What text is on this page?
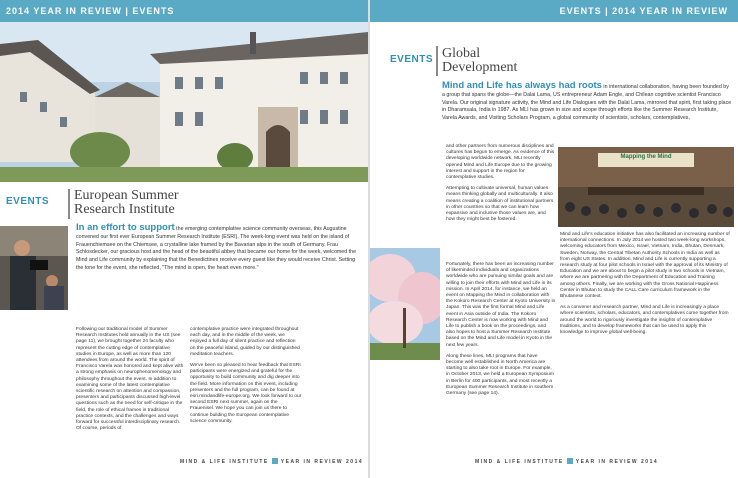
2014 YEAR IN REVIEW | EVENTS	EVENTS | 2014 YEAR IN REVIEW
EVENTS European Summer
Research Institute
In an effort to support the emerging contemplative science community overseas, this Augustine convened our first ever European Summer Research Institute (ESRI). The week-long event was held on the island of Frauenchiemsee on the Chiemsee, a crystalline lake framed by the Bavarian alps in the south of Germany. Frau Schlosdecker, our gracious host and the head of the beautiful abbey that became our home for the week, welcomed the Mind and Life community by explaining that the Benedictines receive every guest like they would receive Christ. Setting the tone for the event, she reflected, "The mind is open, the heart even more."

Following our traditional model of Summer Research Institutes held annually in the US (see page 11), we brought together 24 faculty who represent the cutting edge of contemplative studies in Europe, as well as more than 120 attendees from around the world. The spirit of Francisco Varela was honored and kept alive with a strong emphasis on neurophenomenology and philosophy throughout the event. In addition to examining some of the latest contemplative scientific research on attention and compassion, presenters and participants discussed high-level questions such as the need for self-critique in the field, the role of ethical frames in traditional practice contexts, and the challenges and ways forward for successful interdisciplinary research. Of course, periods of

contemplative practice were integrated throughout each day, and in the middle of the week, we enjoyed a full day of silent practice and reflection on the peaceful island, guided by our distinguished meditation teachers.

We've been so pleased to hear feedback that ESRI participants were energized and grateful for the opportunity to build community and dig deeper into the field. More information on this event, including presenters and the full program, can be found at esri.mindandlife-europe.org. We look forward to our second ESRI next summer, again on the Frauenisel. We hope you can join us there to continue building the European contemplative science community.

EVENTS Global
Development
Mind and Life has always had roots in international collaboration, having been founded by a group that spans the globe—the Dalai Lama, US entrepreneur Adam Engle, and Chilean cognitive scientist Francisco Varela. Our original signature activity, the Mind and Life Dialogues with the Dalai Lama, mirrored that spirit, first taking place in Dharamsala, India in 1987. As MLI has grown in size and scope through efforts like the Summer Research Institute, Varela Awards, and Visiting Scholars Program, a global community of scientists, scholars, contemplatives,
Mapping the Mind

and other partners from numerous disciplines and cultures has begun to emerge. As evidence of this developing worldwide network, MLI recently opened Mind and Life Europe due to the growing interest and support in the region for contemplative studies.

Attempting to cultivate universal, human values means thinking globally and multiculturally. It also means creating a coalition of institutional partners in other countries so that we can learn how expansive and inclusive those values are, and how they might best be fostered.

Fortunately, there has been an increasing number of likeminded individuals and organizations worldwide who are pursuing similar goals and are willing to join their efforts with Mind and Life in its mission. In April 2014, for instance, we held an event on Mapping the Mind in collaboration with the Kokoro Research Center at Kyoto University in Japan. This was the first formal Mind and Life event in Asia outside of India. The Kokoro Research Center is now working with Mind and Life to publish a book on the proceedings, and also hopes to host a Summer Research Institute based on the Mind and Life model in Kyoto in the next few years.

Along these lines, MLI programs that have become well established in North America are starting to also take root in Europe. For example, in October 2013, we held a European Symposium in Berlin for 400 participants, and most recently a European Summer Research Institute in southern Germany (see page 14).

Mind and Life's education initiative has also facilitated an increasing number of international connections. In July 2014 we hosted two week-long workshops, welcoming educators from Mexico, Israel, Vietnam, India, Bhutan, Denmark, Sweden, Norway, the Central Tibetan Authority Schools in India as well as from eight US States. In addition, Mind and Life is currently supporting a research study at four pilot schools in Israel with the approval of its Ministry of Education and we are about to begin a pilot study in two schools in Vietnam, where we are partnering with the Department of Education and Training among others. Finally, we are working with the Gross National Happiness Center in Bhutan to study the CALL Care curriculum framework in the Bhutanese context.

As a convener and research partner, Mind and Life is increasingly a place where scientists, scholars, educators, and contemplatives come together from around the world to rigorously investigate the insights of contemplative traditions, and to develop frameworks that can be used to apply this knowledge to improve global well-being.

MIND & LIFE INSTITUTE YEAR IN REVIEW 2014	MIND & LIFE INSTITUTE YEAR IN REVIEW 2014
